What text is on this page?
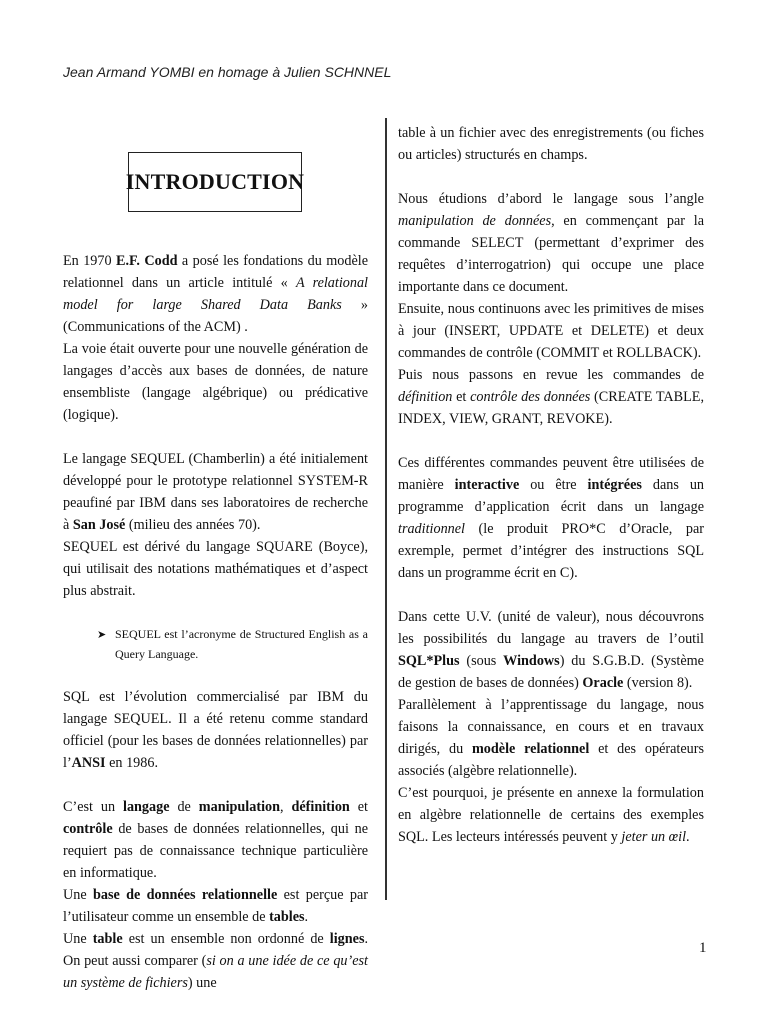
Jean Armand YOMBI en homage à Julien SCHNNEL
INTRODUCTION

En 1970 E.F. Codd a posé les fondations du modèle relationnel dans un article intitulé « A relational model for large Shared Data Banks » (Communications of the ACM) .

La voie était ouverte pour une nouvelle génération de langages d’accès aux bases de données, de nature ensembliste (langage algébrique) ou prédicative (logique).

Le langage SEQUEL (Chamberlin) a été initialement développé pour le prototype relationnel SYSTEM-R peaufiné par IBM dans ses laboratoires de recherche à San José (milieu des années 70).

SEQUEL est dérivé du langage SQUARE (Boyce), qui utilisait des notations mathématiques et d’aspect plus abstrait.

➤ SEQUEL est l’acronyme de Structured English as a Query Language.

SQL est l’évolution commercialisé par IBM du langage SEQUEL. Il a été retenu comme standard officiel (pour les bases de données relationnelles) par l’ANSI en 1986.

C’est un langage de manipulation, définition et contrôle de bases de données relationnelles, qui ne requiert pas de connaissance technique particulière en informatique.

Une base de données relationnelle est perçue par l’utilisateur comme un ensemble de tables.

Une table est un ensemble non ordonné de lignes. On peut aussi comparer (si on a une idée de ce qu’est un système de fichiers) une

table à un fichier avec des enregistrements (ou fiches ou articles) structurés en champs.

Nous étudions d’abord le langage sous l’angle manipulation de données, en commençant par la commande SELECT (permettant d’exprimer des requêtes d’interrogatrion) qui occupe une place importante dans ce document.

Ensuite, nous continuons avec les primitives de mises à jour (INSERT, UPDATE et DELETE) et deux commandes de contrôle (COMMIT et ROLLBACK).

Puis nous passons en revue les commandes de définition et contrôle des données (CREATE TABLE, INDEX, VIEW, GRANT, REVOKE).

Ces différentes commandes peuvent être utilisées de manière interactive ou être intégrées dans un programme d’application écrit dans un langage traditionnel (le produit PRO*C d’Oracle, par exremple, permet d’intégrer des instructions SQL dans un programme écrit en C).

Dans cette U.V. (unité de valeur), nous découvrons les possibilités du langage au travers de l’outil SQL*Plus (sous Windows) du S.G.B.D. (Système de gestion de bases de données) Oracle (version 8).

Parallèlement à l’apprentissage du langage, nous faisons la connaissance, en cours et en travaux dirigés, du modèle relationnel et des opérateurs associés (algèbre relationnelle).

C’est pourquoi, je présente en annexe la formulation en algèbre relationnelle de certains des exemples SQL. Les lecteurs intéressés peuvent y jeter un œil.

1
